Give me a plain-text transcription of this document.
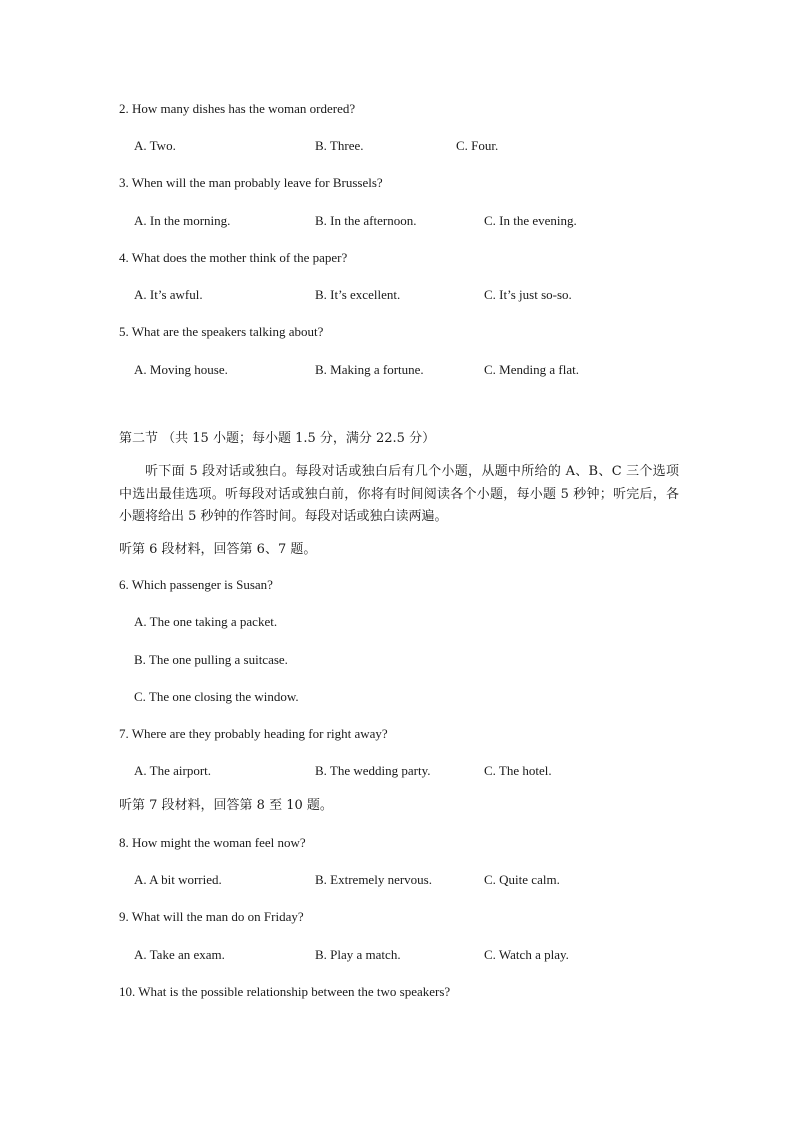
2. How many dishes has the woman ordered?
A. Two.	B. Three.	C. Four.
3. When will the man probably leave for Brussels?
A. In the morning.	B. In the afternoon.	C. In the evening.
4. What does the mother think of the paper?
A. It’s awful.	B. It’s excellent.	C. It’s just so-so.
5. What are the speakers talking about?
A. Moving house.	B. Making a fortune.	C. Mending a flat.
第二节 （共 15 小题；每小题 1.5 分，满分 22.5 分）
听下面 5 段对话或独白。每段对话或独白后有几个小题，从题中所给的 A、B、C 三个选项中选出最佳选项。听每段对话或独白前，你将有时间阅读各个小题，每小题 5 秒钟；听完后，各小题将给出 5 秒钟的作答时间。每段对话或独白读两遍。
听第 6 段材料，回答第 6、7 题。
6. Which passenger is Susan?
A. The one taking a packet.
B. The one pulling a suitcase.
C. The one closing the window.
7. Where are they probably heading for right away?
A. The airport.	B. The wedding party.	C. The hotel.
听第 7 段材料，回答第 8 至 10 题。
8. How might the woman feel now?
A. A bit worried.	B. Extremely nervous.	C. Quite calm.
9. What will the man do on Friday?
A. Take an exam.	B. Play a match.	C. Watch a play.
10. What is the possible relationship between the two speakers?
